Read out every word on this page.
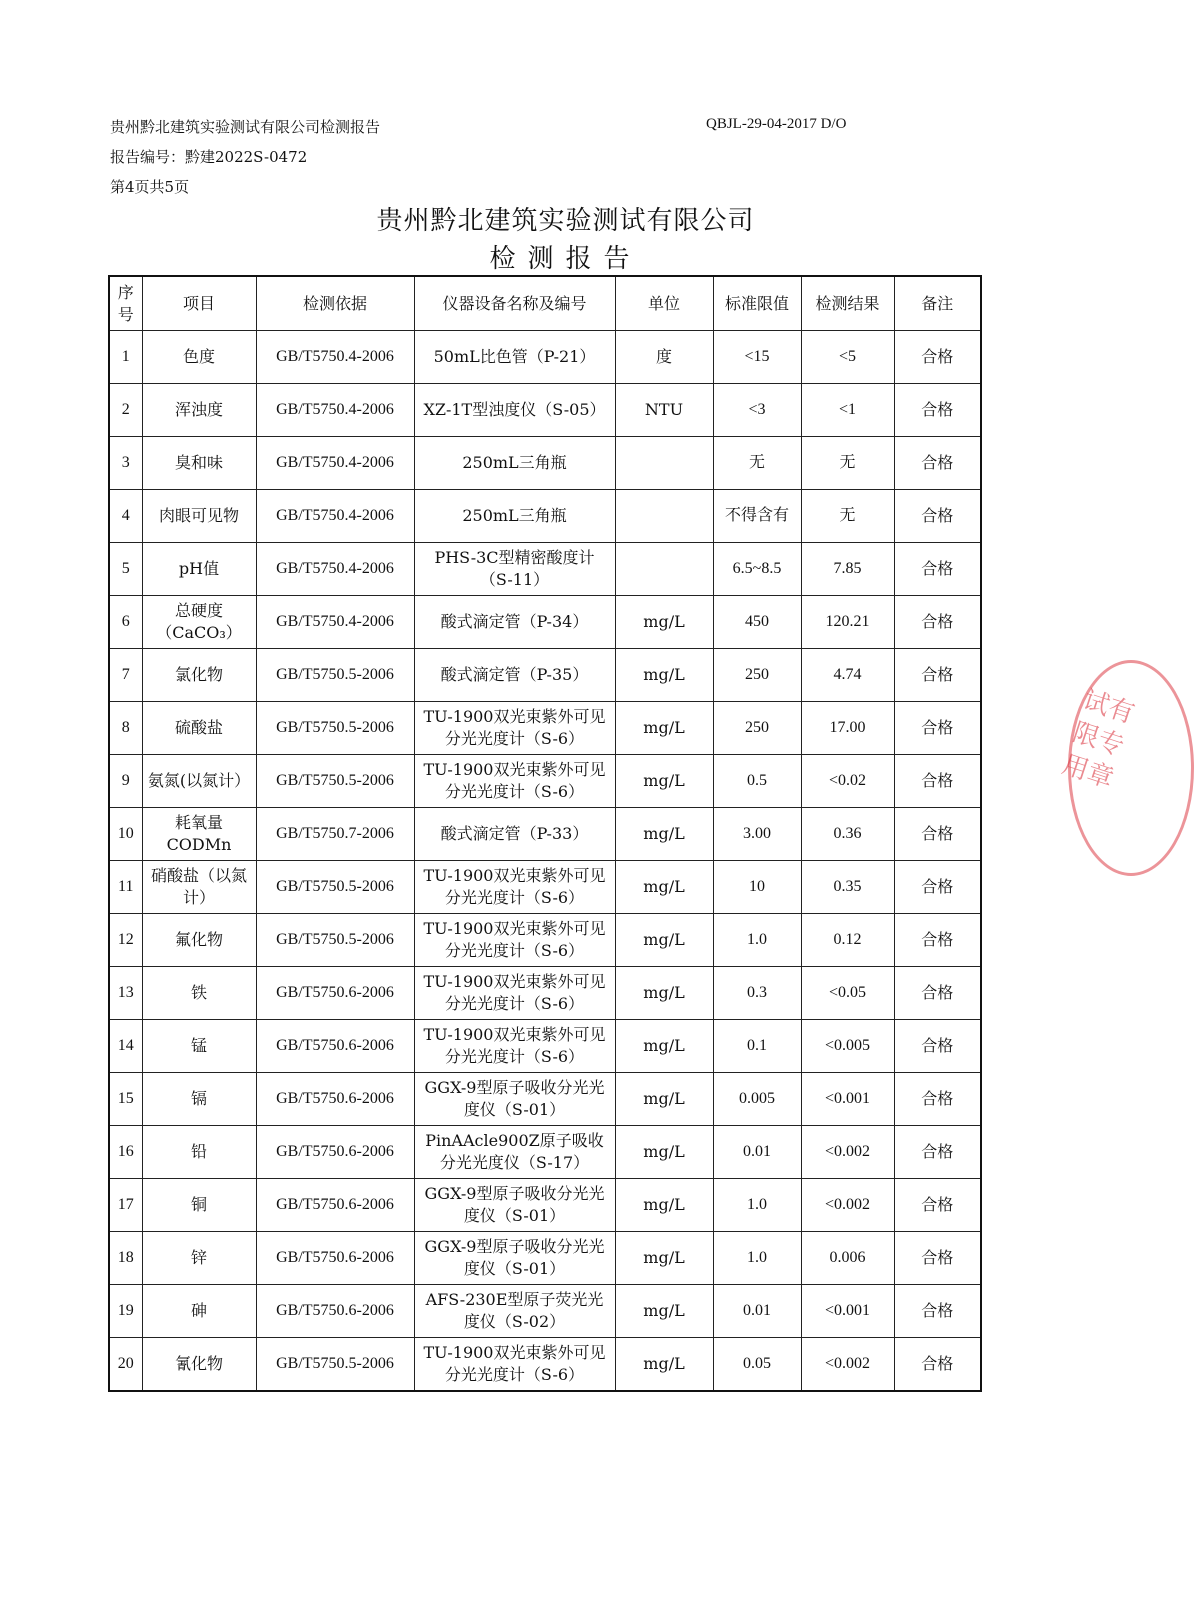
贵州黔北建筑实验测试有限公司检测报告
报告编号：黔建2022S-0472
第4页共5页
QBJL-29-04-2017 D/O
贵州黔北建筑实验测试有限公司
检测报告
序号	项目	检测依据	仪器设备名称及编号	单位	标准限值	检测结果	备注
1	色度	GB/T5750.4-2006	50mL比色管（P-21）	度	<15	<5	合格
2	浑浊度	GB/T5750.4-2006	XZ-1T型浊度仪（S-05）	NTU	<3	<1	合格
3	臭和味	GB/T5750.4-2006	250mL三角瓶		无	无	合格
4	肉眼可见物	GB/T5750.4-2006	250mL三角瓶		不得含有	无	合格
5	pH值	GB/T5750.4-2006	PHS-3C型精密酸度计（S-11）		6.5~8.5	7.85	合格
6	总硬度（CaCO₃）	GB/T5750.4-2006	酸式滴定管（P-34）	mg/L	450	120.21	合格
7	氯化物	GB/T5750.5-2006	酸式滴定管（P-35）	mg/L	250	4.74	合格
8	硫酸盐	GB/T5750.5-2006	TU-1900双光束紫外可见分光光度计（S-6）	mg/L	250	17.00	合格
9	氨氮(以氮计）	GB/T5750.5-2006	TU-1900双光束紫外可见分光光度计（S-6）	mg/L	0.5	<0.02	合格
10	耗氧量CODMn	GB/T5750.7-2006	酸式滴定管（P-33）	mg/L	3.00	0.36	合格
11	硝酸盐（以氮计）	GB/T5750.5-2006	TU-1900双光束紫外可见分光光度计（S-6）	mg/L	10	0.35	合格
12	氟化物	GB/T5750.5-2006	TU-1900双光束紫外可见分光光度计（S-6）	mg/L	1.0	0.12	合格
13	铁	GB/T5750.6-2006	TU-1900双光束紫外可见分光光度计（S-6）	mg/L	0.3	<0.05	合格
14	锰	GB/T5750.6-2006	TU-1900双光束紫外可见分光光度计（S-6）	mg/L	0.1	<0.005	合格
15	镉	GB/T5750.6-2006	GGX-9型原子吸收分光光度仪（S-01）	mg/L	0.005	<0.001	合格
16	铅	GB/T5750.6-2006	PinAAcle900Z原子吸收分光光度仪（S-17）	mg/L	0.01	<0.002	合格
17	铜	GB/T5750.6-2006	GGX-9型原子吸收分光光度仪（S-01）	mg/L	1.0	<0.002	合格
18	锌	GB/T5750.6-2006	GGX-9型原子吸收分光光度仪（S-01）	mg/L	1.0	0.006	合格
19	砷	GB/T5750.6-2006	AFS-230E型原子荧光光度仪（S-02）	mg/L	0.01	<0.001	合格
20	氰化物	GB/T5750.5-2006	TU-1900双光束紫外可见分光光度计（S-6）	mg/L	0.05	<0.002	合格
试有限专用章
